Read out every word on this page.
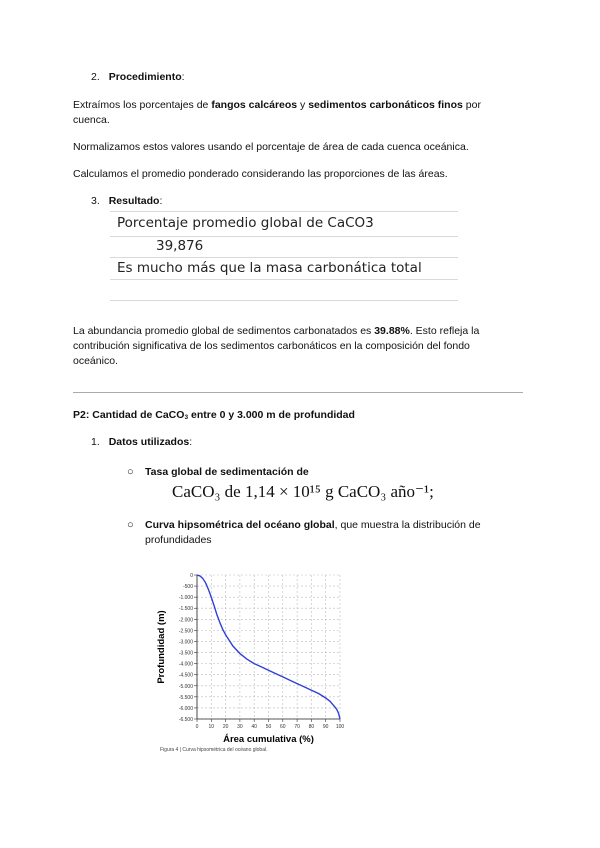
2. Procedimiento:
Extraímos los porcentajes de fangos calcáreos y sedimentos carbonáticos finos por
cuenca.
Normalizamos estos valores usando el porcentaje de área de cada cuenca oceánica.
Calculamos el promedio ponderado considerando las proporciones de las áreas.
3. Resultado:
Porcentaje promedio global de CaCO3
39,876
Es mucho más que la masa carbonática total
La abundancia promedio global de sedimentos carbonatados es 39.88%. Esto refleja la
contribución significativa de los sedimentos carbonáticos en la composición del fondo
oceánico.
P2: Cantidad de CaCO3 entre 0 y 3.000 m de profundidad
1. Datos utilizados:
○ Tasa global de sedimentación de
CaCO₃ de 1,14 × 10¹⁵ g CaCO₃ año⁻¹;
○ Curva hipsométrica del océano global, que muestra la distribución de
profundidades
0 10 20 30 40 50 60 70 80 90 100
0
-500
-1.000
-1.500
-2.000
-2.500
-3.000
-3.500
-4.000
-4.500
-5.000
-5.500
-6.000
-6.500
Área cumulativa (%)
Profundidad (m)
Figura 4 | Curva hipsométrica del océano global.
